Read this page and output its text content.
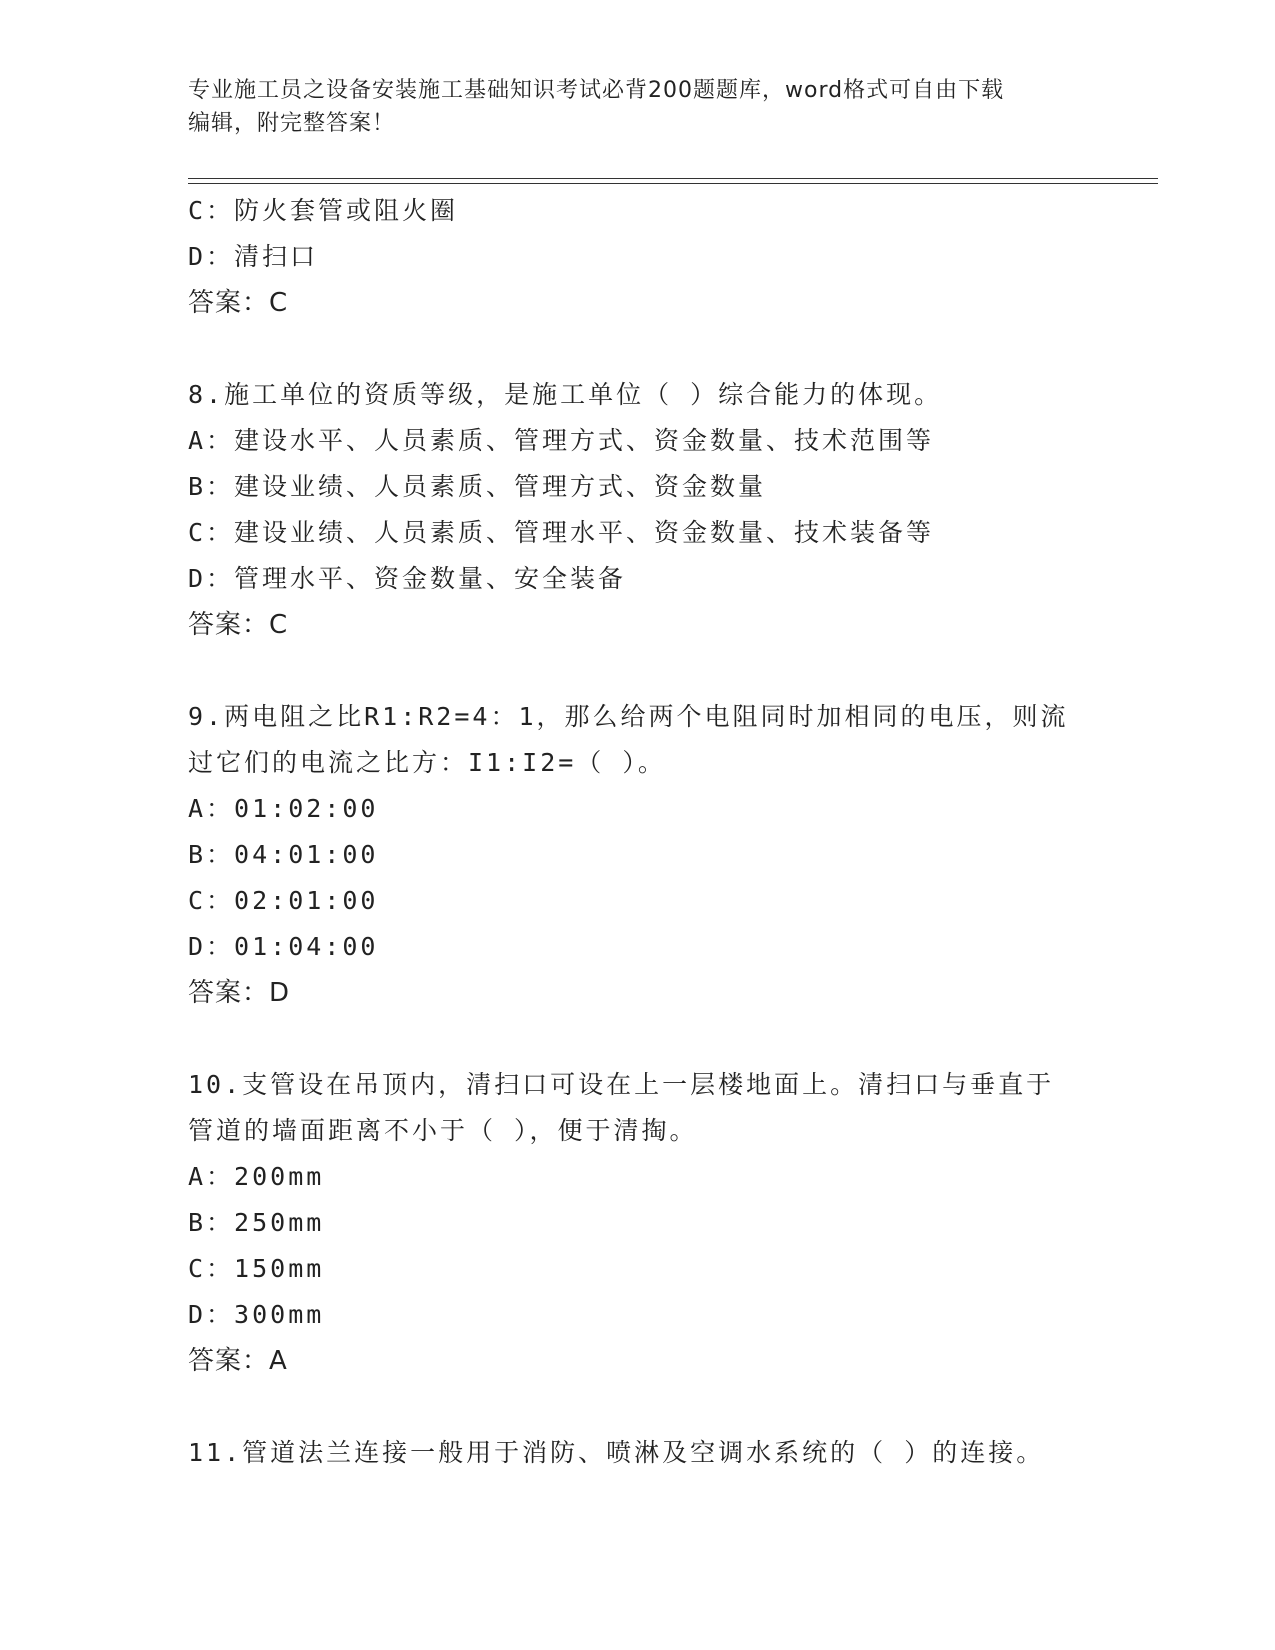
专业施工员之设备安装施工基础知识考试必背200题题库，word格式可自由下载
编辑，附完整答案！
C：防火套管或阻火圈
D：清扫口
答案：C
8.施工单位的资质等级，是施工单位（ ）综合能力的体现。
A：建设水平、人员素质、管理方式、资金数量、技术范围等
B：建设业绩、人员素质、管理方式、资金数量
C：建设业绩、人员素质、管理水平、资金数量、技术装备等
D：管理水平、资金数量、安全装备
答案：C
9.两电阻之比R1:R2=4：1，那么给两个电阻同时加相同的电压，则流
过它们的电流之比方：I1:I2=（ ）。
A：01:02:00
B：04:01:00
C：02:01:00
D：01:04:00
答案：D
10.支管设在吊顶内，清扫口可设在上一层楼地面上。清扫口与垂直于
管道的墙面距离不小于（ ），便于清掏。
A：200mm
B：250mm
C：150mm
D：300mm
答案：A
11.管道法兰连接一般用于消防、喷淋及空调水系统的（ ）的连接。
